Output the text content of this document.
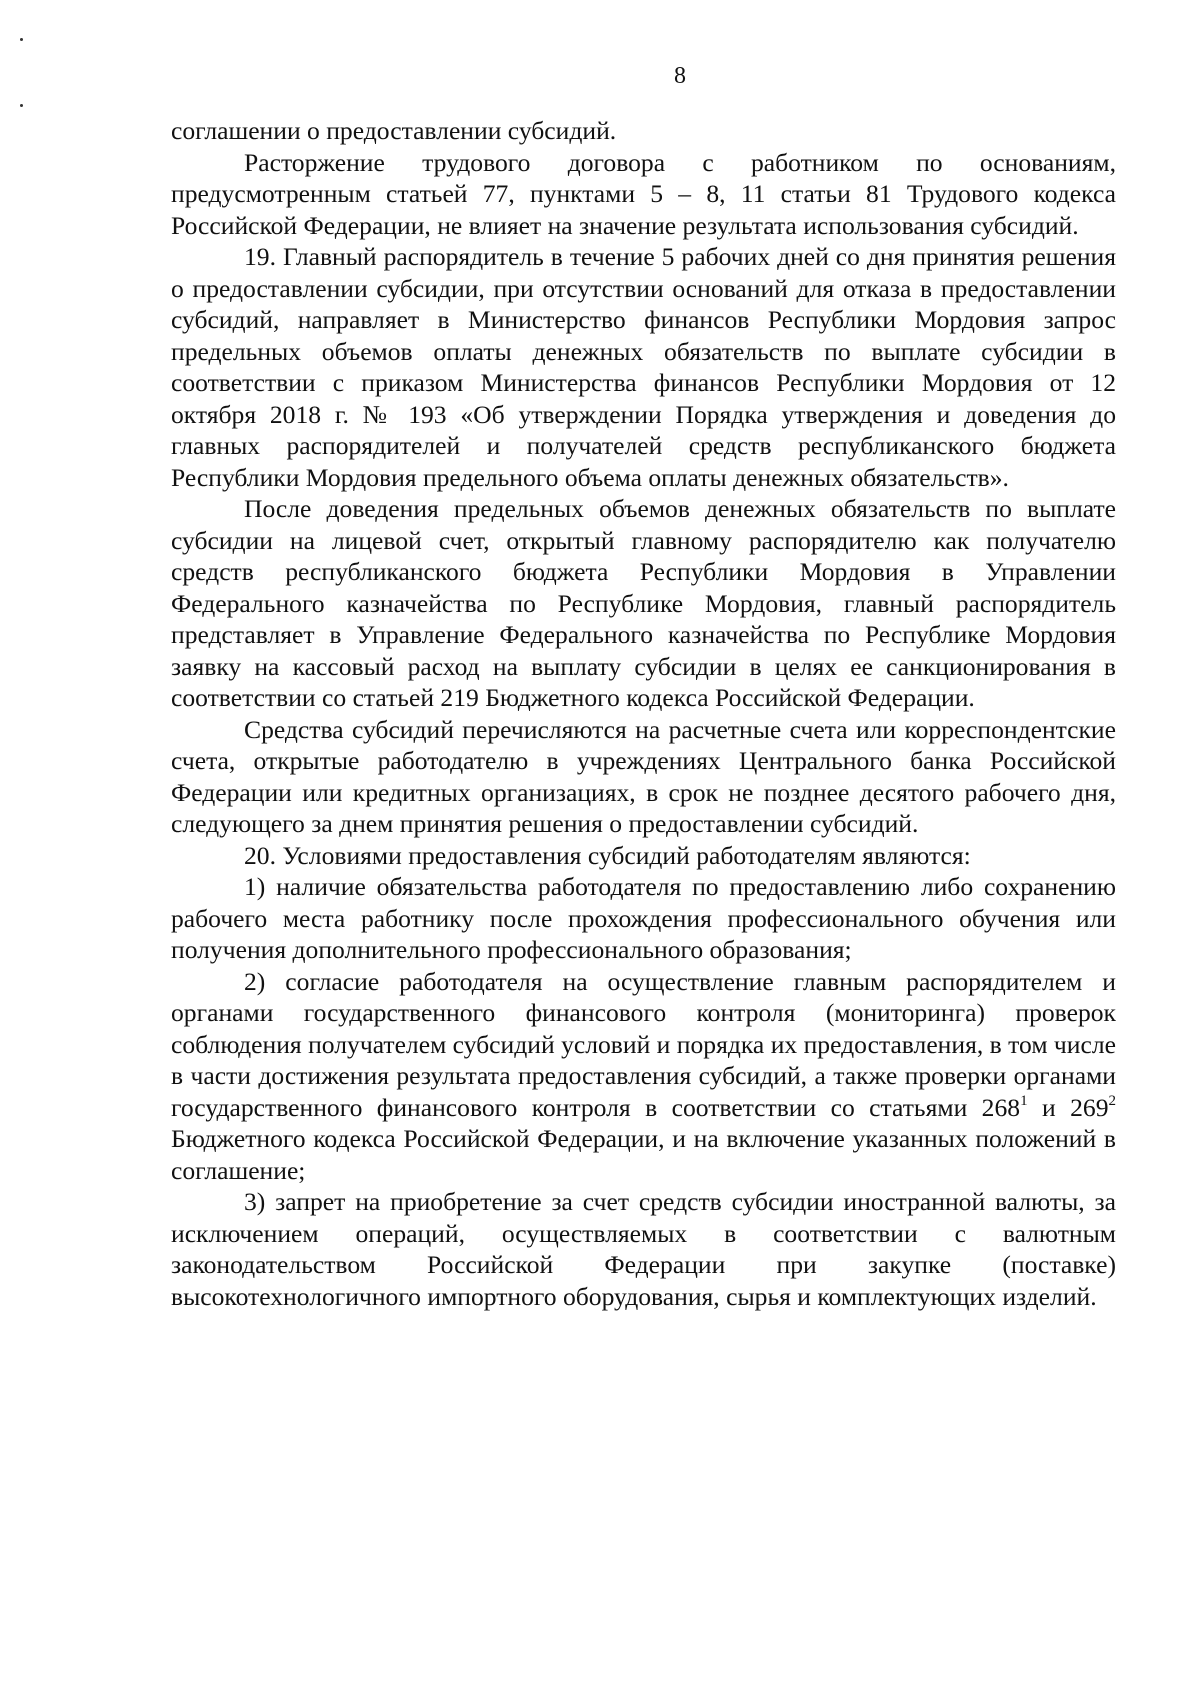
8

соглашении о предоставлении субсидий.

Расторжение трудового договора с работником по основаниям, предусмотренным статьей 77, пунктами 5 – 8, 11 статьи 81 Трудового кодекса Российской Федерации, не влияет на значение результата использования субсидий.

19. Главный распорядитель в течение 5 рабочих дней со дня принятия решения о предоставлении субсидии, при отсутствии оснований для отказа в предоставлении субсидий, направляет в Министерство финансов Республики Мордовия запрос предельных объемов оплаты денежных обязательств по выплате субсидии в соответствии с приказом Министерства финансов Республики Мордовия от 12 октября 2018 г. № 193 «Об утверждении Порядка утверждения и доведения до главных распорядителей и получателей средств республиканского бюджета Республики Мордовия предельного объема оплаты денежных обязательств».

После доведения предельных объемов денежных обязательств по выплате субсидии на лицевой счет, открытый главному распорядителю как получателю средств республиканского бюджета Республики Мордовия в Управлении Федерального казначейства по Республике Мордовия, главный распорядитель представляет в Управление Федерального казначейства по Республике Мордовия заявку на кассовый расход на выплату субсидии в целях ее санкционирования в соответствии со статьей 219 Бюджетного кодекса Российской Федерации.

Средства субсидий перечисляются на расчетные счета или корреспондентские счета, открытые работодателю в учреждениях Центрального банка Российской Федерации или кредитных организациях, в срок не позднее десятого рабочего дня, следующего за днем принятия решения о предоставлении субсидий.

20. Условиями предоставления субсидий работодателям являются:

1) наличие обязательства работодателя по предоставлению либо сохранению рабочего места работнику после прохождения профессионального обучения или получения дополнительного профессионального образования;

2) согласие работодателя на осуществление главным распорядителем и органами государственного финансового контроля (мониторинга) проверок соблюдения получателем субсидий условий и порядка их предоставления, в том числе в части достижения результата предоставления субсидий, а также проверки органами государственного финансового контроля в соответствии со статьями $268^1$ и $269^2$ Бюджетного кодекса Российской Федерации, и на включение указанных положений в соглашение;

3) запрет на приобретение за счет средств субсидии иностранной валюты, за исключением операций, осуществляемых в соответствии с валютным законодательством Российской Федерации при закупке (поставке) высокотехнологичного импортного оборудования, сырья и комплектующих изделий.
